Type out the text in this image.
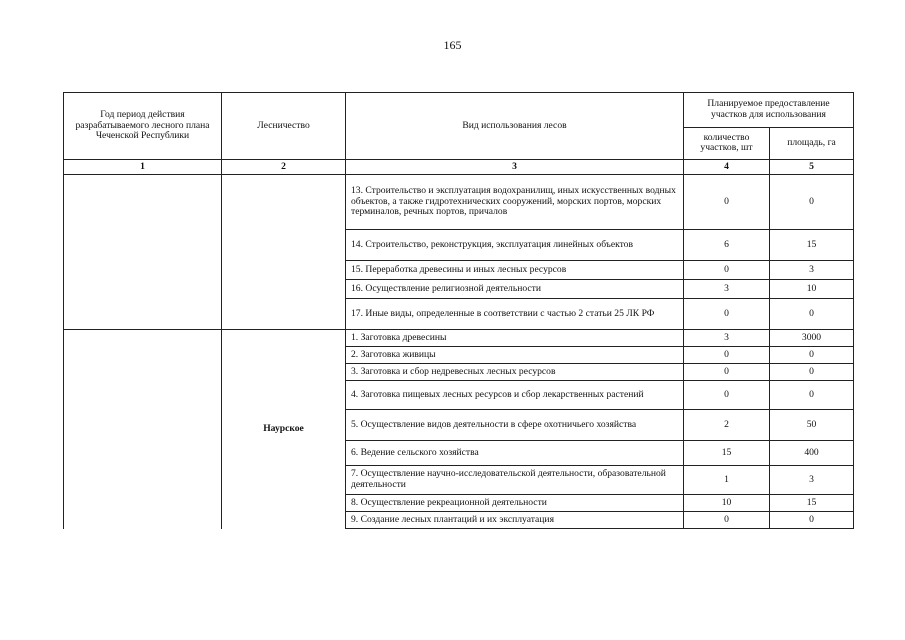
165
Год период действия разрабатываемого лесного плана Чеченской Республики	Лесничество	Вид использования лесов	Планируемое предоставление участков для использования	
			количество участков, шт	площадь, га
1	2	3	4	5
		13. Строительство и эксплуатация водохранилищ, иных искусственных водных объектов, а также гидротехнических сооружений, морских портов, морских терминалов, речных портов, причалов	0	0
		14. Строительство, реконструкция, эксплуатация линейных объектов	6	15
		15. Переработка древесины и иных лесных ресурсов	0	3
		16. Осуществление религиозной деятельности	3	10
		17. Иные виды, определенные в соответствии с частью 2 статьи 25 ЛК РФ	0	0
	Наурское	1. Заготовка древесины	3	3000
		2. Заготовка живицы	0	0
		3. Заготовка и сбор недревесных лесных ресурсов	0	0
		4. Заготовка пищевых лесных ресурсов и сбор лекарственных растений	0	0
		5. Осуществление видов деятельности в сфере охотничьего хозяйства	2	50
		6. Ведение сельского хозяйства	15	400
		7. Осуществление научно-исследовательской деятельности, образовательной деятельности	1	3
		8. Осуществление рекреационной деятельности	10	15
		9. Создание лесных плантаций и их эксплуатация	0	0
